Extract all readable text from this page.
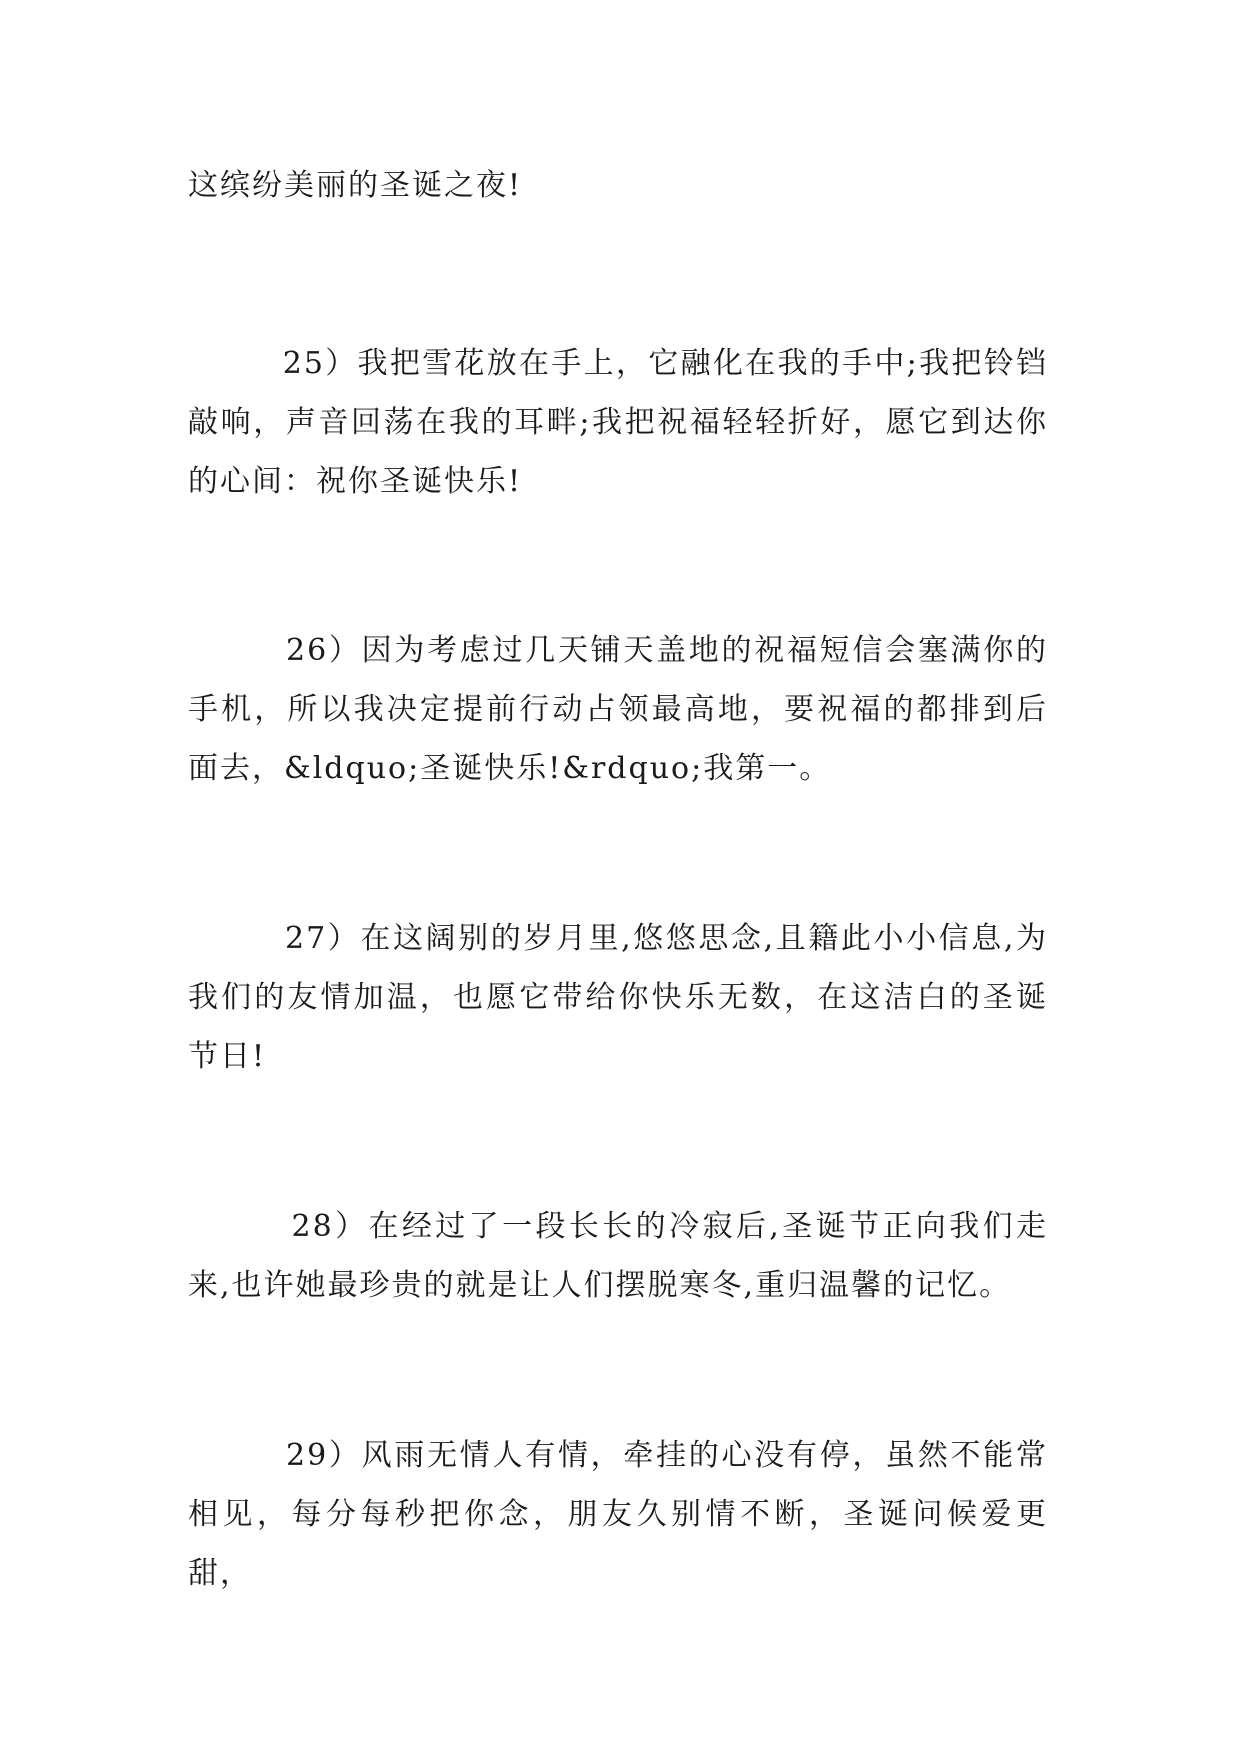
这缤纷美丽的圣诞之夜!
25）我把雪花放在手上，它融化在我的手中;我把铃铛敲响，声音回荡在我的耳畔;我把祝福轻轻折好，愿它到达你的心间：祝你圣诞快乐!
26）因为考虑过几天铺天盖地的祝福短信会塞满你的手机，所以我决定提前行动占领最高地，要祝福的都排到后面去，&ldquo;圣诞快乐!&rdquo;我第一。
27）在这阔别的岁月里,悠悠思念,且籍此小小信息,为我们的友情加温，也愿它带给你快乐无数，在这洁白的圣诞节日!
28）在经过了一段长长的冷寂后,圣诞节正向我们走来,也许她最珍贵的就是让人们摆脱寒冬,重归温馨的记忆。
29）风雨无情人有情，牵挂的心没有停，虽然不能常相见，每分每秒把你念，朋友久别情不断，圣诞问候爱更甜，
